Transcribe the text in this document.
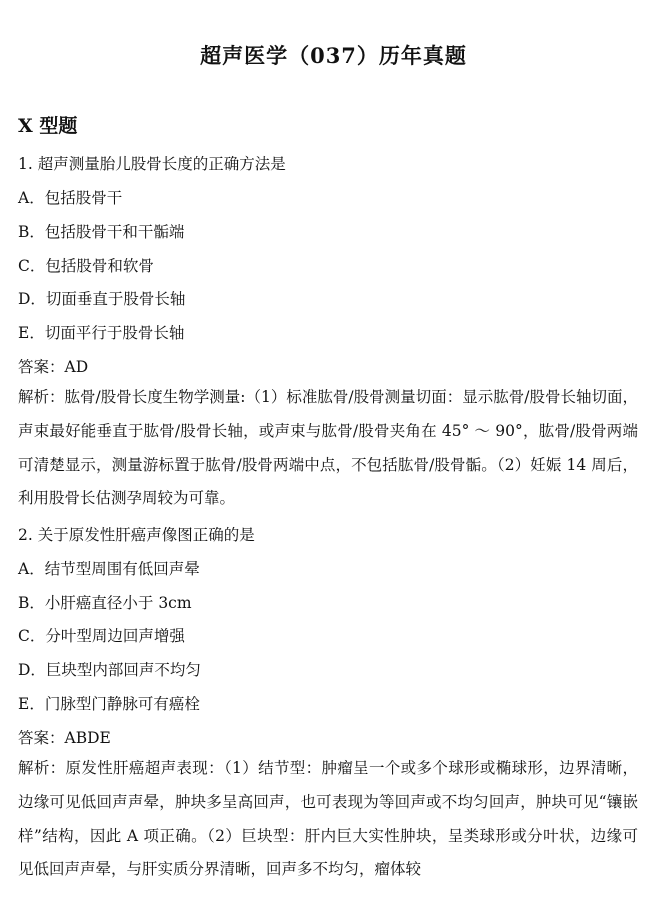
超声医学（037）历年真题
X 型题
1. 超声测量胎儿股骨长度的正确方法是
A．包括股骨干
B．包括股骨干和干骺端
C．包括股骨和软骨
D．切面垂直于股骨长轴
E．切面平行于股骨长轴
答案：AD
解析：肱骨/股骨长度生物学测量:（1）标准肱骨/股骨测量切面：显示肱骨/股骨长轴切面，声束最好能垂直于肱骨/股骨长轴，或声束与肱骨/股骨夹角在 45° ～ 90°，肱骨/股骨两端可清楚显示，测量游标置于肱骨/股骨两端中点，不包括肱骨/股骨骺。（2）妊娠 14 周后，利用股骨长估测孕周较为可靠。
2. 关于原发性肝癌声像图正确的是
A．结节型周围有低回声晕
B．小肝癌直径小于 3cm
C．分叶型周边回声增强
D．巨块型内部回声不均匀
E．门脉型门静脉可有癌栓
答案：ABDE
解析：原发性肝癌超声表现：（1）结节型：肿瘤呈一个或多个球形或椭球形，边界清晰，边缘可见低回声声晕，肿块多呈高回声，也可表现为等回声或不均匀回声，肿块可见“镶嵌样”结构，因此 A 项正确。（2）巨块型：肝内巨大实性肿块，呈类球形或分叶状，边缘可见低回声声晕，与肝实质分界清晰，回声多不均匀，瘤体较
